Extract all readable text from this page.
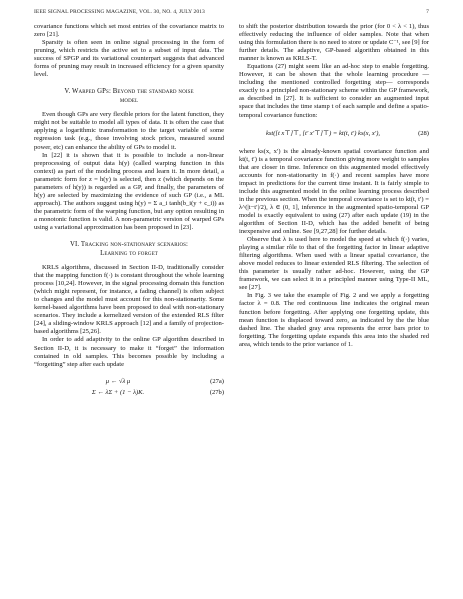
IEEE SIGNAL PROCESSING MAGAZINE, VOL. 30, NO. 4, JULY 2013	7

covariance functions which set most entries of the covariance matrix to zero [21].

Sparsity is often seen in online signal processing in the form of pruning, which restricts the active set to a subset of input data. The success of SPGP and its variational counterpart suggests that advanced forms of pruning may result in increased efficiency for a given sparsity level.

V. Warped GPs: Beyond the standard noise
model

Even though GPs are very flexible priors for the latent function, they might not be suitable to model all types of data. It is often the case that applying a logarithmic transformation to the target variable of some regression task (e.g., those involving stock prices, measured sound power, etc) can enhance the ability of GPs to model it.

In [22] it is shown that it is possible to include a non-linear preprocessing of output data h(y) (called warping function in this context) as part of the modeling process and learn it. In more detail, a parametric form for z = h(y) is selected, then z (which depends on the parameters of h(y)) is regarded as a GP, and finally, the parameters of h(y) are selected by maximizing the evidence of such GP (i.e., a ML approach). The authors suggest using h(y) = Σ a_i tanh(b_i(y + c_i)) as the parametric form of the warping function, but any option resulting in a monotonic function is valid. A non-parametric version of warped GPs using a variational approximation has been proposed in [23].

VI. Tracking non-stationary scenarios:
Learning to forget

KRLS algorithms, discussed in Section II-D, traditionally consider that the mapping function f(·) is constant throughout the whole learning process [10,24]. However, in the signal processing domain this function (which might represent, for instance, a fading channel) is often subject to changes and the model must account for this non-stationarity. Some kernel-based algorithms have been proposed to deal with non-stationary scenarios. They include a kernelized version of the extended RLS filter [24], a sliding-window KRLS approach [12] and a family of projection-based algorithms [25,26].

In order to add adaptivity to the online GP algorithm described in Section II-D, it is necessary to make it “forget” the information contained in old samples. This becomes possible by including a “forgetting” step after each update

μ ← √λ μ	(27a)
Σ ← λΣ + (1 − λ)K.	(27b)

to shift the posterior distribution towards the prior (for 0 < λ < 1), thus effectively reducing the influence of older samples. Note that when using this formulation there is no need to store or update C⁻¹, see [9] for further details. The adaptive, GP-based algorithm obtained in this manner is known as KRLS-T.

Equations (27) might seem like an ad-hoc step to enable forgetting. However, it can be shown that the whole learning procedure —including the mentioned controlled forgetting step— corresponds exactly to a principled non-stationary scheme within the GP framework, as described in [27]. It is sufficient to consider an augmented input space that includes the time stamp t of each sample and define a spatio-temporal covariance function:

kst([t x⊤]⊤, [t′ x′⊤]⊤) = kt(t, t′) ks(x, x′),	(28)

where ks(x, x′) is the already-known spatial covariance function and kt(t, t′) is a temporal covariance function giving more weight to samples that are closer in time. Inference on this augmented model effectively accounts for non-stationarity in f(·) and recent samples have more impact in predictions for the current time instant. It is fairly simple to include this augmented model in the online learning process described in the previous section. When the temporal covariance is set to kt(t, t′) = λ^(|t−t′|/2), λ ∈ (0, 1], inference in the augmented spatio-temporal GP model is exactly equivalent to using (27) after each update (19) in the algorithm of Section II-D, which has the added benefit of being inexpensive and online. See [9,27,28] for further details.

Observe that λ is used here to model the speed at which f(·) varies, playing a similar rôle to that of the forgetting factor in linear adaptive filtering algorithms. When used with a linear spatial covariance, the above model reduces to linear extended RLS filtering. The selection of this parameter is usually rather ad-hoc. However, using the GP framework, we can select it in a principled manner using Type-II ML, see [27].

In Fig. 3 we take the example of Fig. 2 and we apply a forgetting factor λ = 0.8. The red continuous line indicates the original mean function before forgetting. After applying one forgetting update, this mean function is displaced toward zero, as indicated by the the blue dashed line. The shaded gray area represents the error bars prior to forgetting. The forgetting update expands this area into the shaded red area, which tends to the prior variance of 1.
